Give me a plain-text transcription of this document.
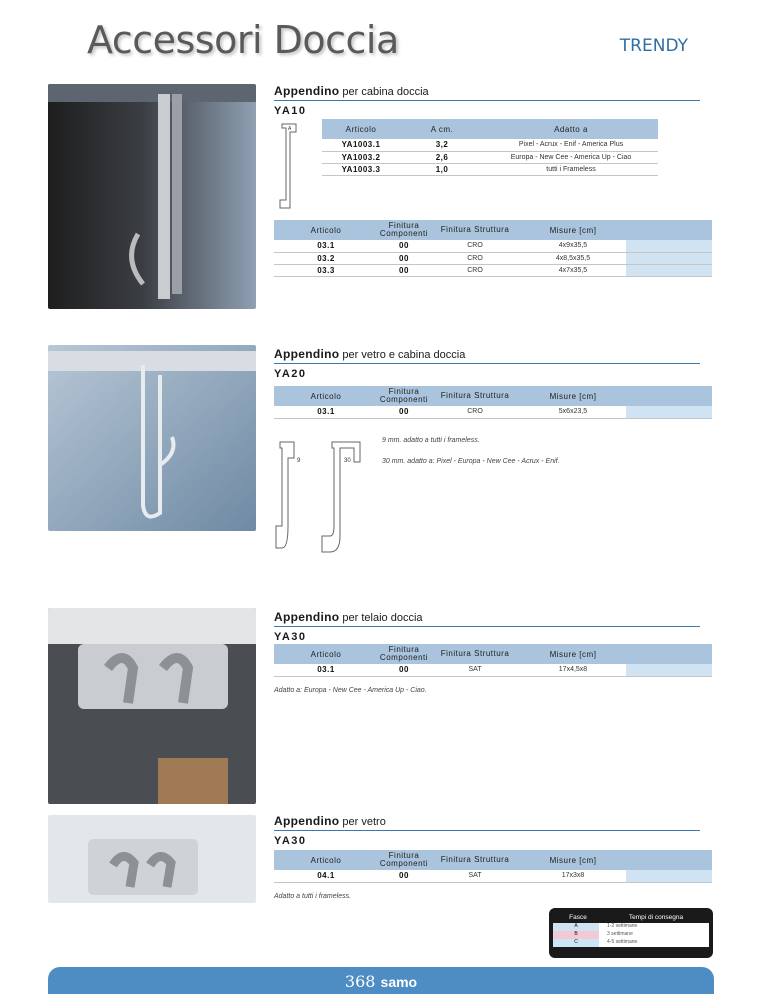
Accessori Doccia	TRENDY
Appendino per cabina doccia
YA10
A	Articolo	A cm.	Adatto a
YA1003.1	3,2	Pixel - Acrux - Enif - America Plus
YA1003.2	2,6	Europa - New Cee - America Up - Ciao
YA1003.3	1,0	tutti i Frameless
Articolo	Finitura Componenti	Finitura Struttura	Misure [cm]	
03.1	00	CRO	4x9x35,5	
03.2	00	CRO	4x8,5x35,5	
03.3	00	CRO	4x7x35,5	
Appendino per vetro e cabina doccia
YA20
Articolo	Finitura Componenti	Finitura Struttura	Misure [cm]	
03.1	00	CRO	5x6x23,5	
9	30
9 mm. adatto a tutti i frameless.
30 mm. adatto a: Pixel - Europa - New Cee - Acrux - Enif.
Appendino per telaio doccia
YA30
Articolo	Finitura Componenti	Finitura Struttura	Misure [cm]	
03.1	00	SAT	17x4,5x8	
Adatto a: Europa - New Cee - America Up - Ciao.
Appendino per vetro
YA30
Articolo	Finitura Componenti	Finitura Struttura	Misure [cm]	
04.1	00	SAT	17x3x8	
Adatto a tutti i frameless.
Fasce	Tempi di consegna
A	1-2 settimane
B	3 settimane
C	4-5 settimane
368 samo
